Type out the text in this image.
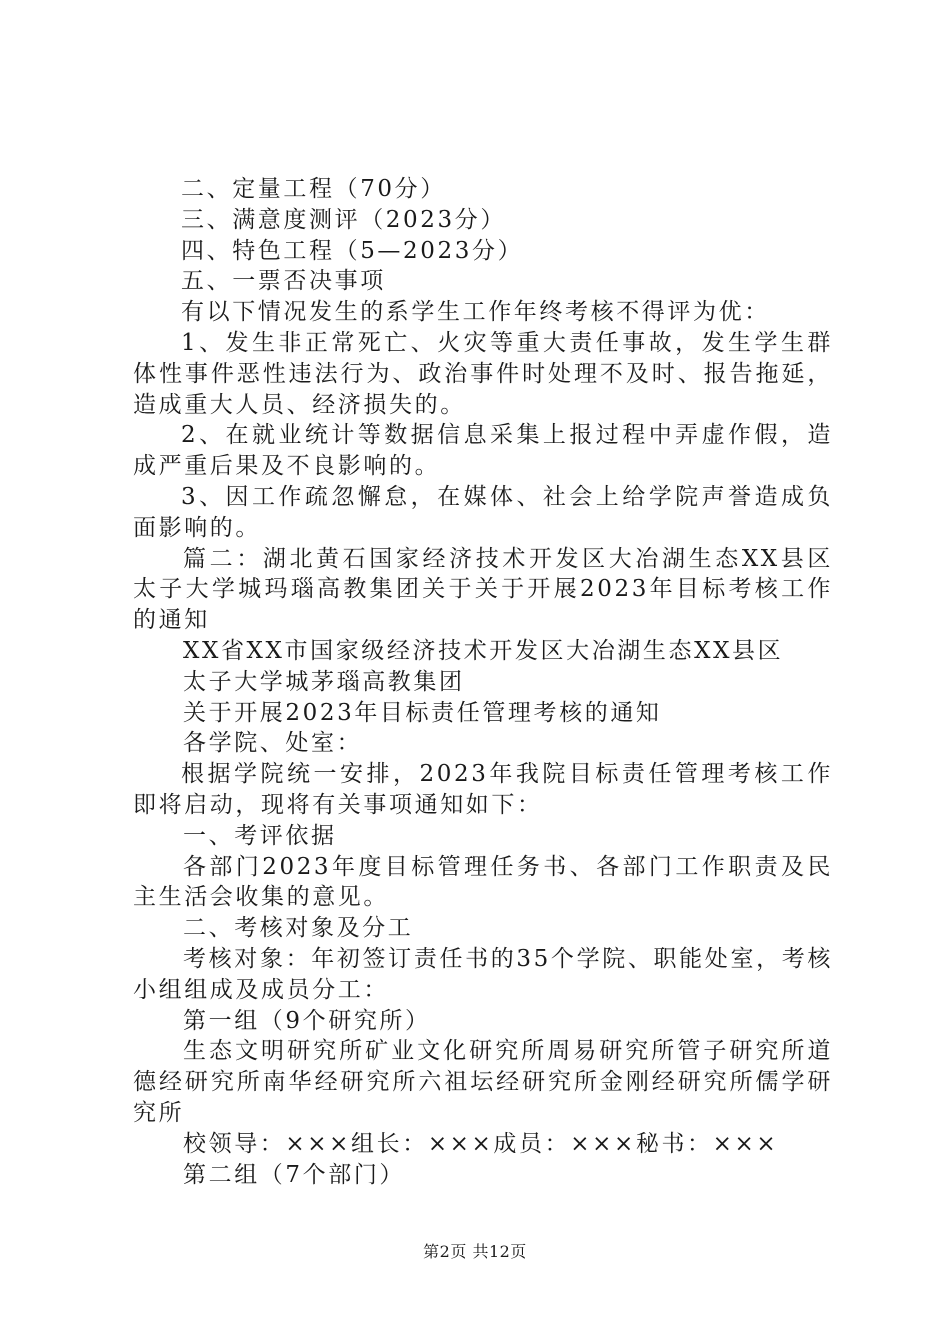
二、定量工程（70分）

三、满意度测评（2023分）

四、特色工程（5—2023分）

五、一票否决事项

有以下情况发生的系学生工作年终考核不得评为优：

1、发生非正常死亡、火灾等重大责任事故，发生学生群体性事件恶性违法行为、政治事件时处理不及时、报告拖延，造成重大人员、经济损失的。

2、在就业统计等数据信息采集上报过程中弄虚作假，造成严重后果及不良影响的。

3、因工作疏忽懈怠，在媒体、社会上给学院声誉造成负面影响的。

篇二：湖北黄石国家经济技术开发区大冶湖生态XX县区太子大学城玛瑙高教集团关于关于开展2023年目标考核工作的通知

XX省XX市国家级经济技术开发区大冶湖生态XX县区

太子大学城茅瑙高教集团

关于开展2023年目标责任管理考核的通知

各学院、处室：

根据学院统一安排，2023年我院目标责任管理考核工作即将启动，现将有关事项通知如下：

一、考评依据

各部门2023年度目标管理任务书、各部门工作职责及民主生活会收集的意见。

二、考核对象及分工

考核对象：年初签订责任书的35个学院、职能处室，考核小组组成及成员分工：

第一组（9个研究所）

生态文明研究所矿业文化研究所周易研究所管子研究所道德经研究所南华经研究所六祖坛经研究所金刚经研究所儒学研究所

校领导：×××组长：×××成员：×××秘书：×××

第二组（7个部门）

第2页 共12页
